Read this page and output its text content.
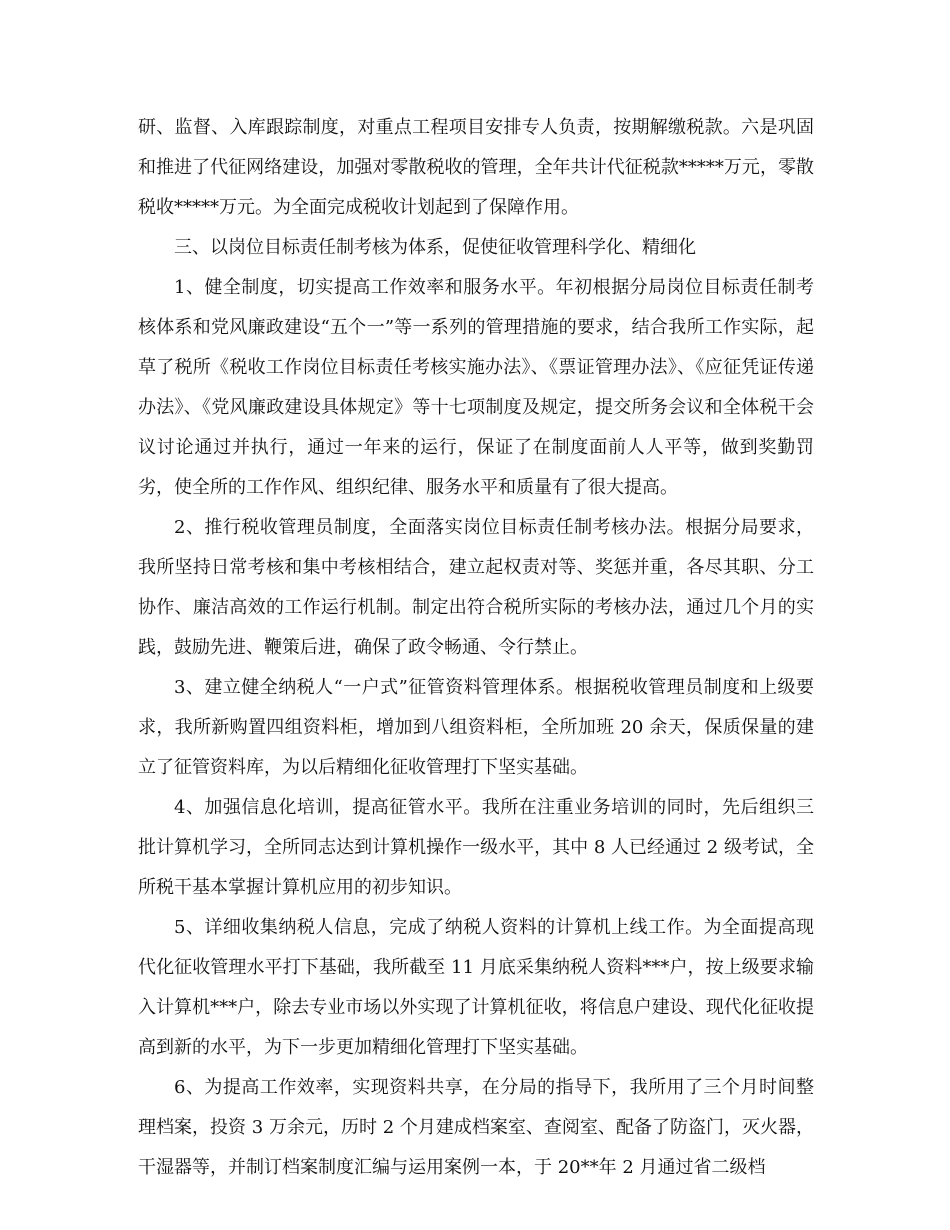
研、监督、入库跟踪制度，对重点工程项目安排专人负责，按期解缴税款。六是巩固和推进了代征网络建设，加强对零散税收的管理，全年共计代征税款*****万元，零散税收*****万元。为全面完成税收计划起到了保障作用。

三、以岗位目标责任制考核为体系，促使征收管理科学化、精细化

1、健全制度，切实提高工作效率和服务水平。年初根据分局岗位目标责任制考核体系和党风廉政建设“五个一”等一系列的管理措施的要求，结合我所工作实际，起草了税所《税收工作岗位目标责任考核实施办法》、《票证管理办法》、《应征凭证传递办法》、《党风廉政建设具体规定》等十七项制度及规定，提交所务会议和全体税干会议讨论通过并执行，通过一年来的运行，保证了在制度面前人人平等，做到奖勤罚劣，使全所的工作作风、组织纪律、服务水平和质量有了很大提高。

2、推行税收管理员制度，全面落实岗位目标责任制考核办法。根据分局要求，我所坚持日常考核和集中考核相结合，建立起权责对等、奖惩并重，各尽其职、分工协作、廉洁高效的工作运行机制。制定出符合税所实际的考核办法，通过几个月的实践，鼓励先进、鞭策后进，确保了政令畅通、令行禁止。

3、建立健全纳税人“一户式”征管资料管理体系。根据税收管理员制度和上级要求，我所新购置四组资料柜，增加到八组资料柜，全所加班 20 余天，保质保量的建立了征管资料库，为以后精细化征收管理打下坚实基础。

4、加强信息化培训，提高征管水平。我所在注重业务培训的同时，先后组织三批计算机学习，全所同志达到计算机操作一级水平，其中 8 人已经通过 2 级考试，全所税干基本掌握计算机应用的初步知识。

5、详细收集纳税人信息，完成了纳税人资料的计算机上线工作。为全面提高现代化征收管理水平打下基础，我所截至 11 月底采集纳税人资料***户，按上级要求输入计算机***户，除去专业市场以外实现了计算机征收，将信息户建设、现代化征收提高到新的水平，为下一步更加精细化管理打下坚实基础。

6、为提高工作效率，实现资料共享，在分局的指导下，我所用了三个月时间整理档案，投资 3 万余元，历时 2 个月建成档案室、查阅室、配备了防盗门，灭火器，干湿器等，并制订档案制度汇编与运用案例一本，于 20**年 2 月通过省二级档
